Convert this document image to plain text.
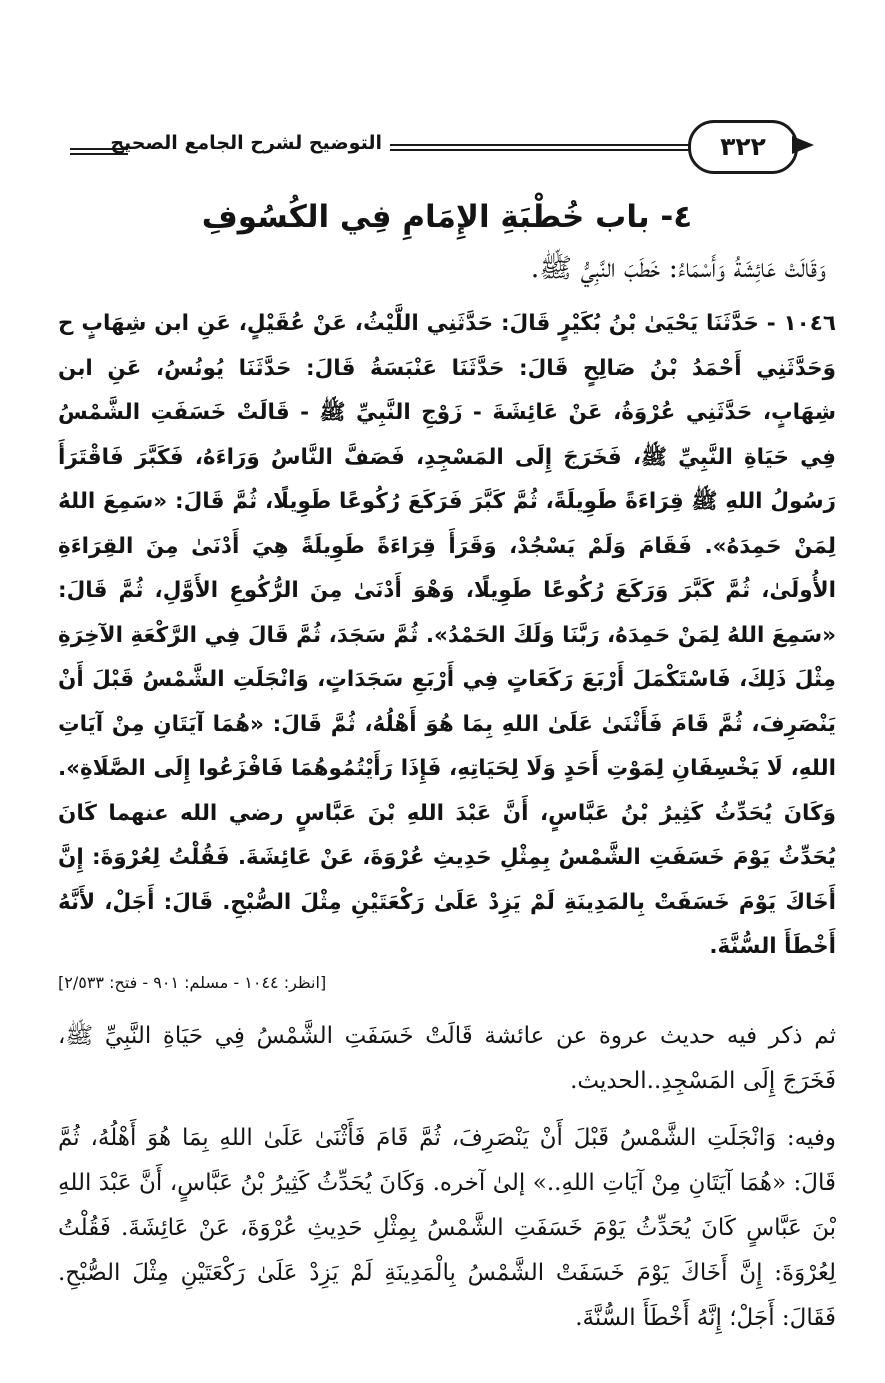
التوضيح لشرح الجامع الصحيح	٣٢٢
٤- باب خُطْبَةِ الإِمَامِ فِي الكُسُوفِ

وَقَالَتْ عَائِشَةُ وَأَسْمَاءُ: خَطَبَ النَّبِيُّ ﷺ.

١٠٤٦ - حَدَّثَنَا يَحْيَىٰ بْنُ بُكَيْرٍ قَالَ: حَدَّثَنِي اللَّيْثُ، عَنْ عُقَيْلٍ، عَنِ ابن شِهَابٍ ح وَحَدَّثَنِي أَحْمَدُ بْنُ صَالِحٍ قَالَ: حَدَّثَنَا عَنْبَسَةُ قَالَ: حَدَّثَنَا يُونُسُ، عَنِ ابن شِهَابٍ، حَدَّثَنِي عُرْوَةُ، عَنْ عَائِشَةَ - زَوْجِ النَّبِيِّ ﷺ - قَالَتْ خَسَفَتِ الشَّمْسُ فِي حَيَاةِ النَّبِيِّ ﷺ، فَخَرَجَ إِلَى المَسْجِدِ، فَصَفَّ النَّاسُ وَرَاءَهُ، فَكَبَّرَ فَاقْتَرَأَ رَسُولُ اللهِ ﷺ قِرَاءَةً طَوِيلَةً، ثُمَّ كَبَّرَ فَرَكَعَ رُكُوعًا طَوِيلًا، ثُمَّ قَالَ: «سَمِعَ اللهُ لِمَنْ حَمِدَهُ». فَقَامَ وَلَمْ يَسْجُدْ، وَقَرَأَ قِرَاءَةً طَوِيلَةً هِيَ أَدْنَىٰ مِنَ القِرَاءَةِ الأُولَىٰ، ثُمَّ كَبَّرَ وَرَكَعَ رُكُوعًا طَوِيلًا، وَهْوَ أَدْنَىٰ مِنَ الرُّكُوعِ الأَوَّلِ، ثُمَّ قَالَ: «سَمِعَ اللهُ لِمَنْ حَمِدَهُ، رَبَّنَا وَلَكَ الحَمْدُ». ثُمَّ سَجَدَ، ثُمَّ قَالَ فِي الرَّكْعَةِ الآخِرَةِ مِثْلَ ذَلِكَ، فَاسْتَكْمَلَ أَرْبَعَ رَكَعَاتٍ فِي أَرْبَعِ سَجَدَاتٍ، وَانْجَلَتِ الشَّمْسُ قَبْلَ أَنْ يَنْصَرِفَ، ثُمَّ قَامَ فَأَثْنَىٰ عَلَىٰ اللهِ بِمَا هُوَ أَهْلُهُ، ثُمَّ قَالَ: «هُمَا آيَتَانِ مِنْ آيَاتِ اللهِ، لَا يَخْسِفَانِ لِمَوْتِ أَحَدٍ وَلَا لِحَيَاتِهِ، فَإِذَا رَأَيْتُمُوهُمَا فَافْزَعُوا إِلَى الصَّلَاةِ». وَكَانَ يُحَدِّثُ كَثِيرُ بْنُ عَبَّاسٍ، أَنَّ عَبْدَ اللهِ بْنَ عَبَّاسٍ رضي الله عنهما كَانَ يُحَدِّثُ يَوْمَ خَسَفَتِ الشَّمْسُ بِمِثْلِ حَدِيثِ عُرْوَةَ، عَنْ عَائِشَةَ. فَقُلْتُ لِعُرْوَةَ: إِنَّ أَخَاكَ يَوْمَ خَسَفَتْ بِالمَدِينَةِ لَمْ يَزِدْ عَلَىٰ رَكْعَتَيْنِ مِثْلَ الصُّبْحِ. قَالَ: أَجَلْ، لأَنَّهُ أَخْطَأَ السُّنَّةَ.

[انظر: ١٠٤٤ - مسلم: ٩٠١ - فتح: ٢/٥٣٣]

ثم ذكر فيه حديث عروة عن عائشة قَالَتْ خَسَفَتِ الشَّمْسُ فِي حَيَاةِ النَّبِيِّ ﷺ، فَخَرَجَ إِلَى المَسْجِدِ..الحديث.

وفيه: وَانْجَلَتِ الشَّمْسُ قَبْلَ أَنْ يَنْصَرِفَ، ثُمَّ قَامَ فَأَثْنَىٰ عَلَىٰ اللهِ بِمَا هُوَ أَهْلُهُ، ثُمَّ قَالَ: «هُمَا آيَتَانِ مِنْ آيَاتِ اللهِ..» إلىٰ آخره. وَكَانَ يُحَدِّثُ كَثِيرُ بْنُ عَبَّاسٍ، أَنَّ عَبْدَ اللهِ بْنَ عَبَّاسٍ كَانَ يُحَدِّثُ يَوْمَ خَسَفَتِ الشَّمْسُ بِمِثْلِ حَدِيثِ عُرْوَةَ، عَنْ عَائِشَةَ. فَقُلْتُ لِعُرْوَةَ: إِنَّ أَخَاكَ يَوْمَ خَسَفَتْ الشَّمْسُ بِالْمَدِينَةِ لَمْ يَزِدْ عَلَىٰ رَكْعَتَيْنِ مِثْلَ الصُّبْحِ. فَقَالَ: أَجَلْ؛ إِنَّهُ أَخْطَأَ السُّنَّةَ.
